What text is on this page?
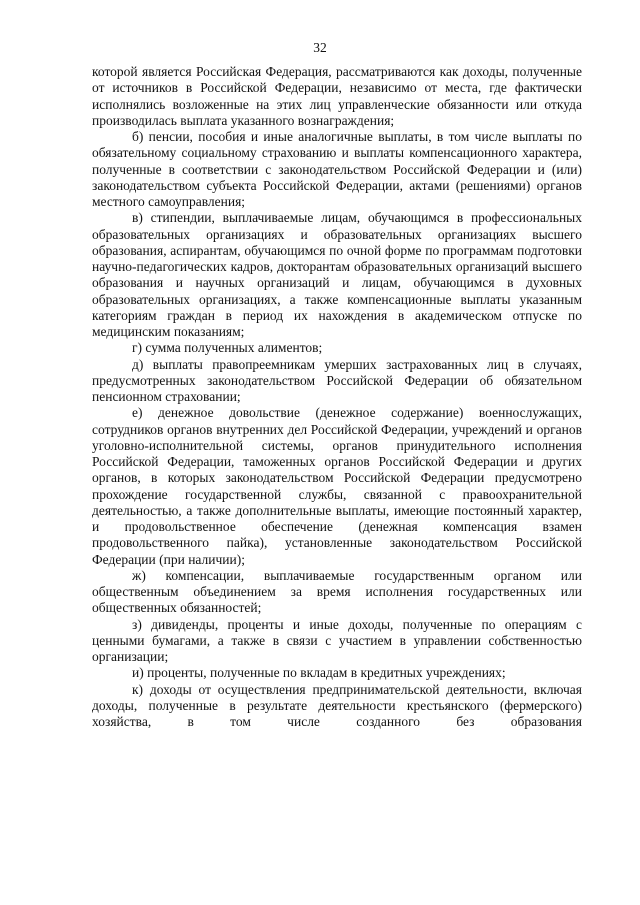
32

которой является Российская Федерация, рассматриваются как доходы, полученные от источников в Российской Федерации, независимо от места, где фактически исполнялись возложенные на этих лиц управленческие обязанности или откуда производилась выплата указанного вознаграждения;

б) пенсии, пособия и иные аналогичные выплаты, в том числе выплаты по обязательному социальному страхованию и выплаты компенсационного характера, полученные в соответствии с законодательством Российской Федерации и (или) законодательством субъекта Российской Федерации, актами (решениями) органов местного самоуправления;

в) стипендии, выплачиваемые лицам, обучающимся в профессиональных образовательных организациях и образовательных организациях высшего образования, аспирантам, обучающимся по очной форме по программам подготовки научно-педагогических кадров, докторантам образовательных организаций высшего образования и научных организаций и лицам, обучающимся в духовных образовательных организациях, а также компенсационные выплаты указанным категориям граждан в период их нахождения в академическом отпуске по медицинским показаниям;

г) сумма полученных алиментов;

д) выплаты правопреемникам умерших застрахованных лиц в случаях, предусмотренных законодательством Российской Федерации об обязательном пенсионном страховании;

е) денежное довольствие (денежное содержание) военнослужащих, сотрудников органов внутренних дел Российской Федерации, учреждений и органов уголовно-исполнительной системы, органов принудительного исполнения Российской Федерации, таможенных органов Российской Федерации и других органов, в которых законодательством Российской Федерации предусмотрено прохождение государственной службы, связанной с правоохранительной деятельностью, а также дополнительные выплаты, имеющие постоянный характер, и продовольственное обеспечение (денежная компенсация взамен продовольственного пайка), установленные законодательством Российской Федерации (при наличии);

ж) компенсации, выплачиваемые государственным органом или общественным объединением за время исполнения государственных или общественных обязанностей;

з) дивиденды, проценты и иные доходы, полученные по операциям с ценными бумагами, а также в связи с участием в управлении собственностью организации;

и) проценты, полученные по вкладам в кредитных учреждениях;

к) доходы от осуществления предпринимательской деятельности, включая доходы, полученные в результате деятельности крестьянского (фермерского) хозяйства, в том числе созданного без образования
